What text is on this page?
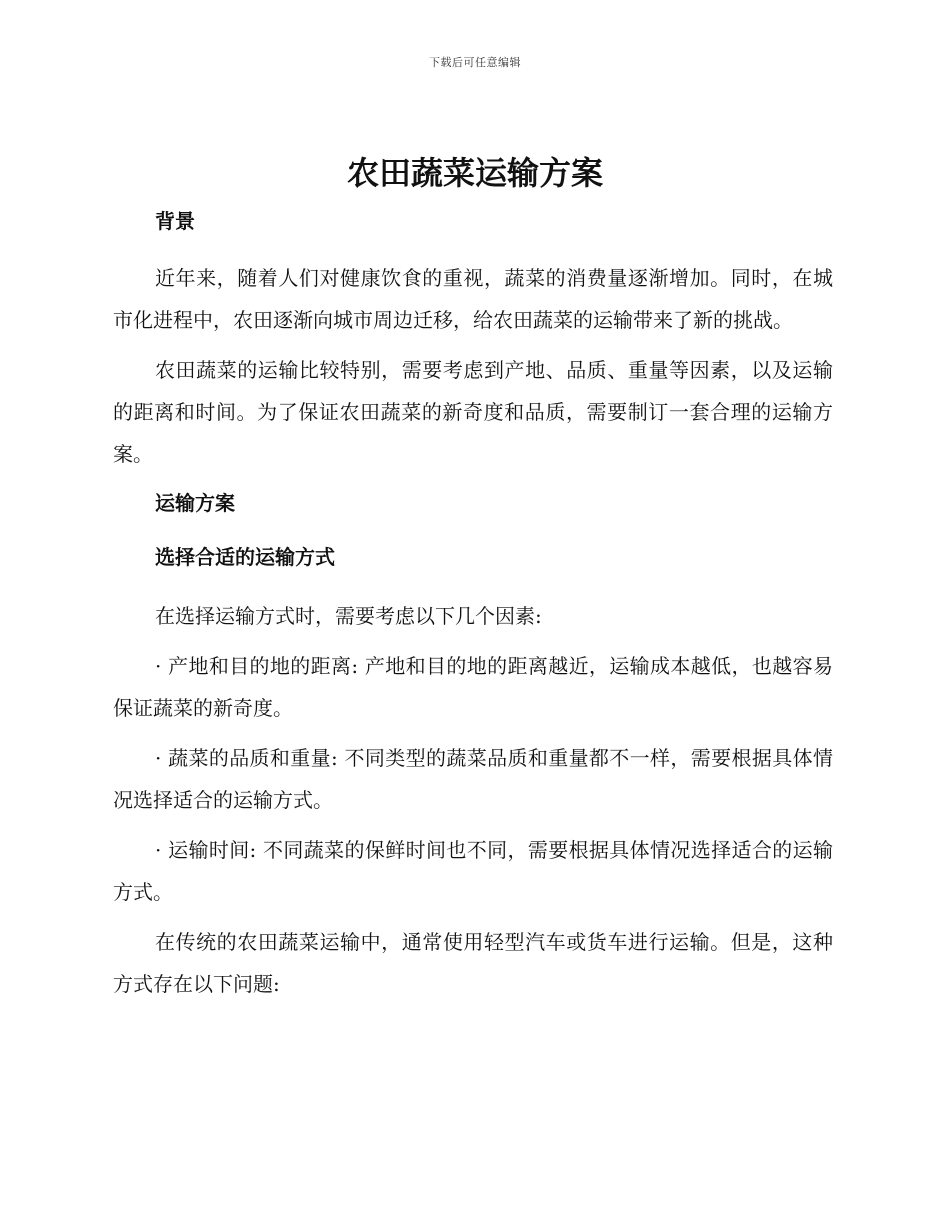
下载后可任意编辑
农田蔬菜运输方案

背景

近年来，随着人们对健康饮食的重视，蔬菜的消费量逐渐增加。同时，在城市化进程中，农田逐渐向城市周边迁移，给农田蔬菜的运输带来了新的挑战。

农田蔬菜的运输比较特别，需要考虑到产地、品质、重量等因素，以及运输的距离和时间。为了保证农田蔬菜的新奇度和品质，需要制订一套合理的运输方案。

运输方案

选择合适的运输方式

在选择运输方式时，需要考虑以下几个因素:

· 产地和目的地的距离: 产地和目的地的距离越近，运输成本越低，也越容易保证蔬菜的新奇度。

· 蔬菜的品质和重量: 不同类型的蔬菜品质和重量都不一样，需要根据具体情况选择适合的运输方式。

· 运输时间: 不同蔬菜的保鲜时间也不同，需要根据具体情况选择适合的运输方式。

在传统的农田蔬菜运输中，通常使用轻型汽车或货车进行运输。但是，这种方式存在以下问题:
